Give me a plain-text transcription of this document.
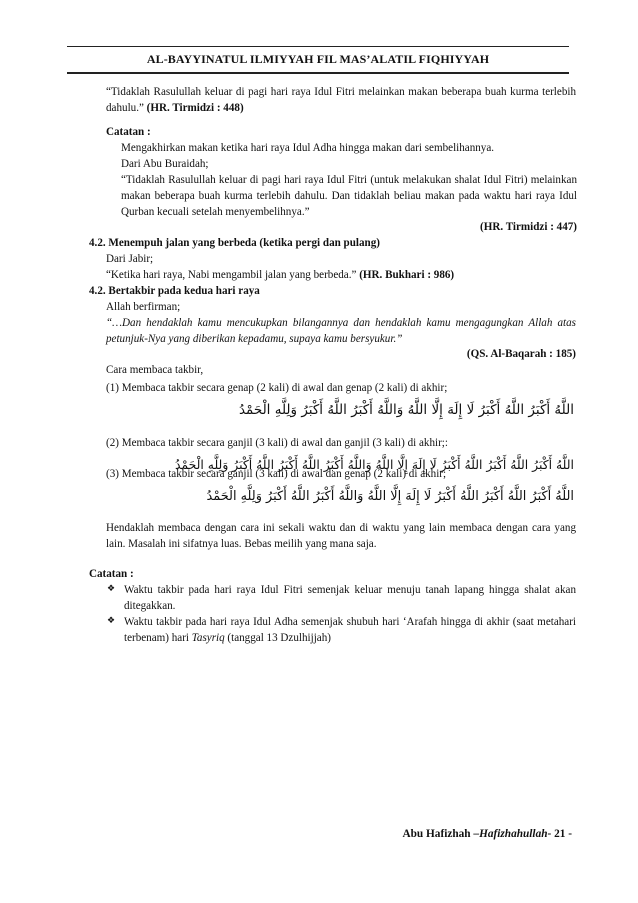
AL-BAYYINATUL ILMIYYAH FIL MAS’ALATIL FIQHIYYAH
“Tidaklah Rasulullah keluar di pagi hari raya Idul Fitri melainkan makan beberapa buah kurma terlebih dahulu.” (HR. Tirmidzi : 448)
Catatan :
Mengakhirkan makan ketika hari raya Idul Adha hingga makan dari sembelihannya.
Dari Abu Buraidah;
“Tidaklah Rasulullah keluar di pagi hari raya Idul Fitri (untuk melakukan shalat Idul Fitri) melainkan makan beberapa buah kurma terlebih dahulu. Dan tidaklah beliau makan pada waktu hari raya Idul Qurban kecuali setelah menyembelihnya.”
(HR. Tirmidzi : 447)
4.2. Menempuh jalan yang berbeda (ketika pergi dan pulang)
Dari Jabir;
“Ketika hari raya, Nabi mengambil jalan yang berbeda.” (HR. Bukhari : 986)
4.2. Bertakbir pada kedua hari raya
Allah berfirman;
“…Dan hendaklah kamu mencukupkan bilangannya dan hendaklah kamu mengagungkan Allah atas petunjuk-Nya yang diberikan kepadamu, supaya kamu bersyukur.”
(QS. Al-Baqarah : 185)
Cara membaca takbir,
(1) Membaca takbir secara genap (2 kali) di awal dan genap (2 kali) di akhir;
اللَّهُ أَكْبَرُ اللَّهُ أَكْبَرُ لَا إِلَهَ إِلَّا اللَّهُ وَاللَّهُ أَكْبَرُ اللَّهُ أَكْبَرُ وَلِلَّهِ الْحَمْدُ
(2) Membaca takbir secara ganjil (3 kali) di awal dan ganjil (3 kali) di akhir;:
اللَّهُ أَكْبَرُ اللَّهُ أَكْبَرُ اللَّهُ أَكْبَرُ لَا إِلَهَ إِلَّا اللَّهُ وَاللَّهُ أَكْبَرُ اللَّهُ أَكْبَرُ اللَّهُ أَكْبَرُ وَلِلَّهِ الْحَمْدُ
(3) Membaca takbir secara ganjil (3 kali) di awal dan genap (2 kali) di akhir;
اللَّهُ أَكْبَرُ اللَّهُ أَكْبَرُ اللَّهُ أَكْبَرُ لَا إِلَهَ إِلَّا اللَّهُ وَاللَّهُ أَكْبَرُ اللَّهُ أَكْبَرُ وَلِلَّهِ الْحَمْدُ
Hendaklah membaca dengan cara ini sekali waktu dan di waktu yang lain membaca dengan cara yang lain. Masalah ini sifatnya luas. Bebas meilih yang mana saja.
Catatan :
❖ Waktu takbir pada hari raya Idul Fitri semenjak keluar menuju tanah lapang hingga shalat akan ditegakkan.
❖ Waktu takbir pada hari raya Idul Adha semenjak shubuh hari ‘Arafah hingga di akhir (saat metahari terbenam) hari Tasyriq (tanggal 13 Dzulhijjah)
Abu Hafizhah –Hafizhahullah- 21 -
